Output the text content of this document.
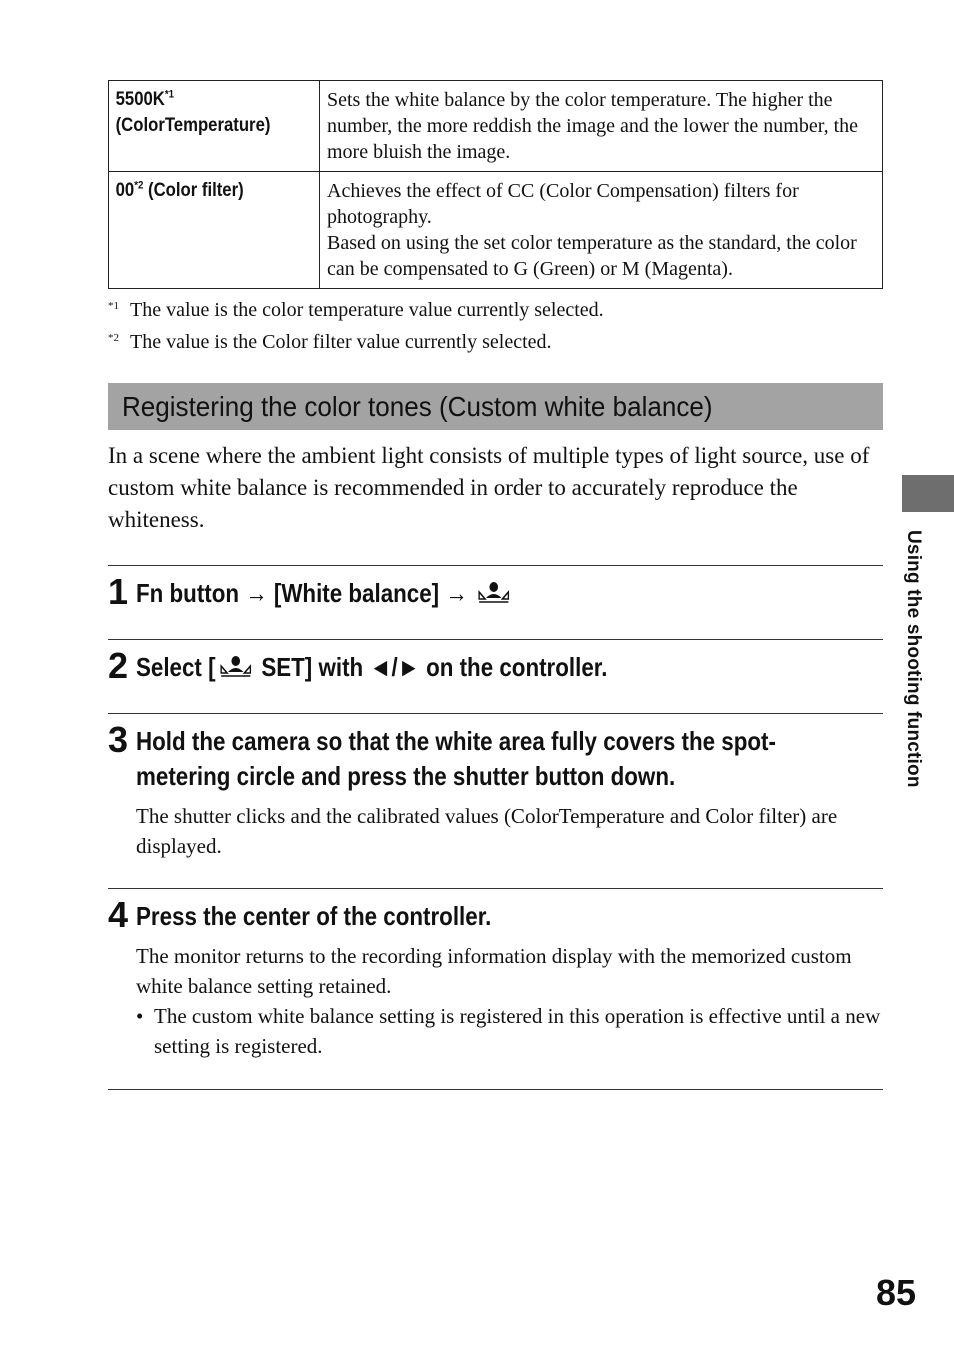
$5500K^{*1}$
(ColorTemperature)	Sets the white balance by the color temperature. The higher the number, the more reddish the image and the lower the number, the more bluish the image.
00$^{*2}$ (Color filter)	Achieves the effect of CC (Color Compensation) filters for photography.
Based on using the set color temperature as the standard, the color can be compensated to G (Green) or M (Magenta).
*1 The value is the color temperature value currently selected.
*2 The value is the Color filter value currently selected.
Registering the color tones (Custom white balance)
In a scene where the ambient light consists of multiple types of light source, use of custom white balance is recommended in order to accurately reproduce the whiteness.
1 Fn button → [White balance] →
2 Select [ SET] with ◄/► on the controller.
3 Hold the camera so that the white area fully covers the spot-
metering circle and press the shutter button down.
The shutter clicks and the calibrated values (ColorTemperature and Color filter) are displayed.
4 Press the center of the controller.
The monitor returns to the recording information display with the memorized custom white balance setting retained.
• The custom white balance setting is registered in this operation is effective until a new setting is registered.
Using the shooting function
85
